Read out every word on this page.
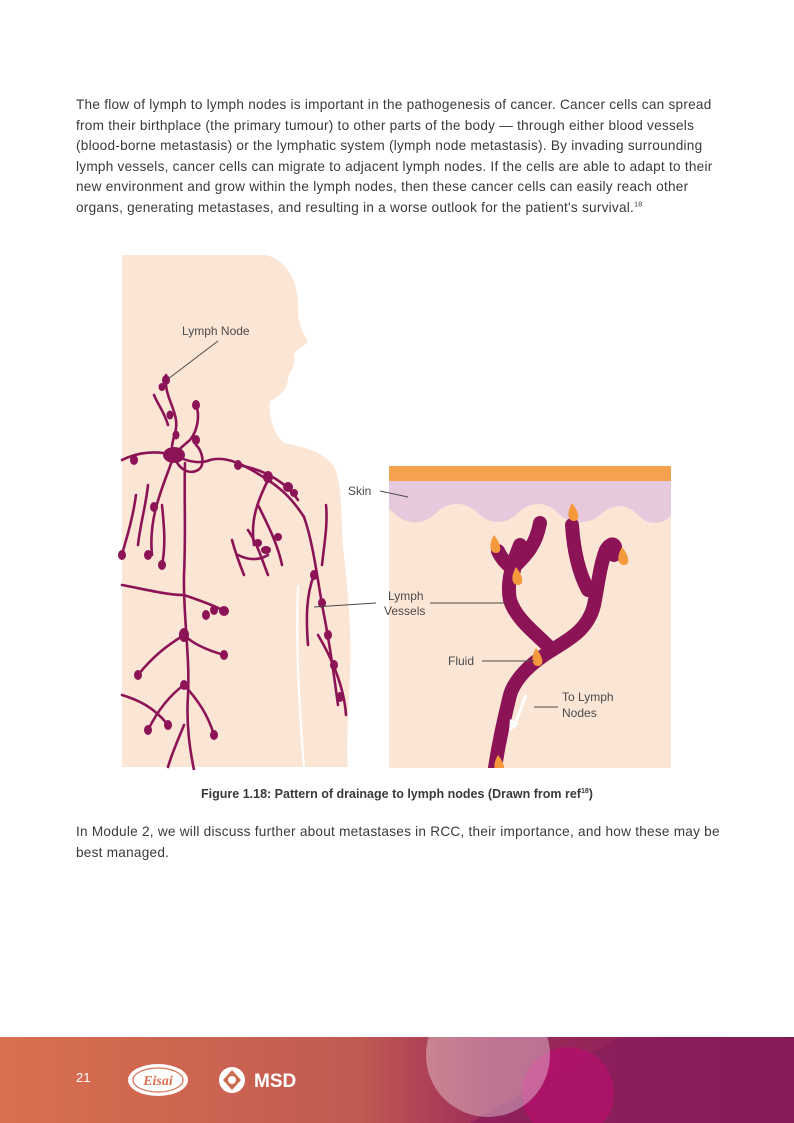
The flow of lymph to lymph nodes is important in the pathogenesis of cancer. Cancer cells can spread from their birthplace (the primary tumour) to other parts of the body — through either blood vessels (blood-borne metastasis) or the lymphatic system (lymph node metastasis). By invading surrounding lymph vessels, cancer cells can migrate to adjacent lymph nodes. If the cells are able to adapt to their new environment and grow within the lymph nodes, then these cancer cells can easily reach other organs, generating metastases, and resulting in a worse outlook for the patient's survival.$^{18}$

Lymph Node
Skin
Lymph
Vessels
Fluid
To Lymph
Nodes
Figure 1.18: Pattern of drainage to lymph nodes (Drawn from ref$^{18}$)

In Module 2, we will discuss further about metastases in RCC, their importance, and how these may be best managed.

Eisai	MSD
21
